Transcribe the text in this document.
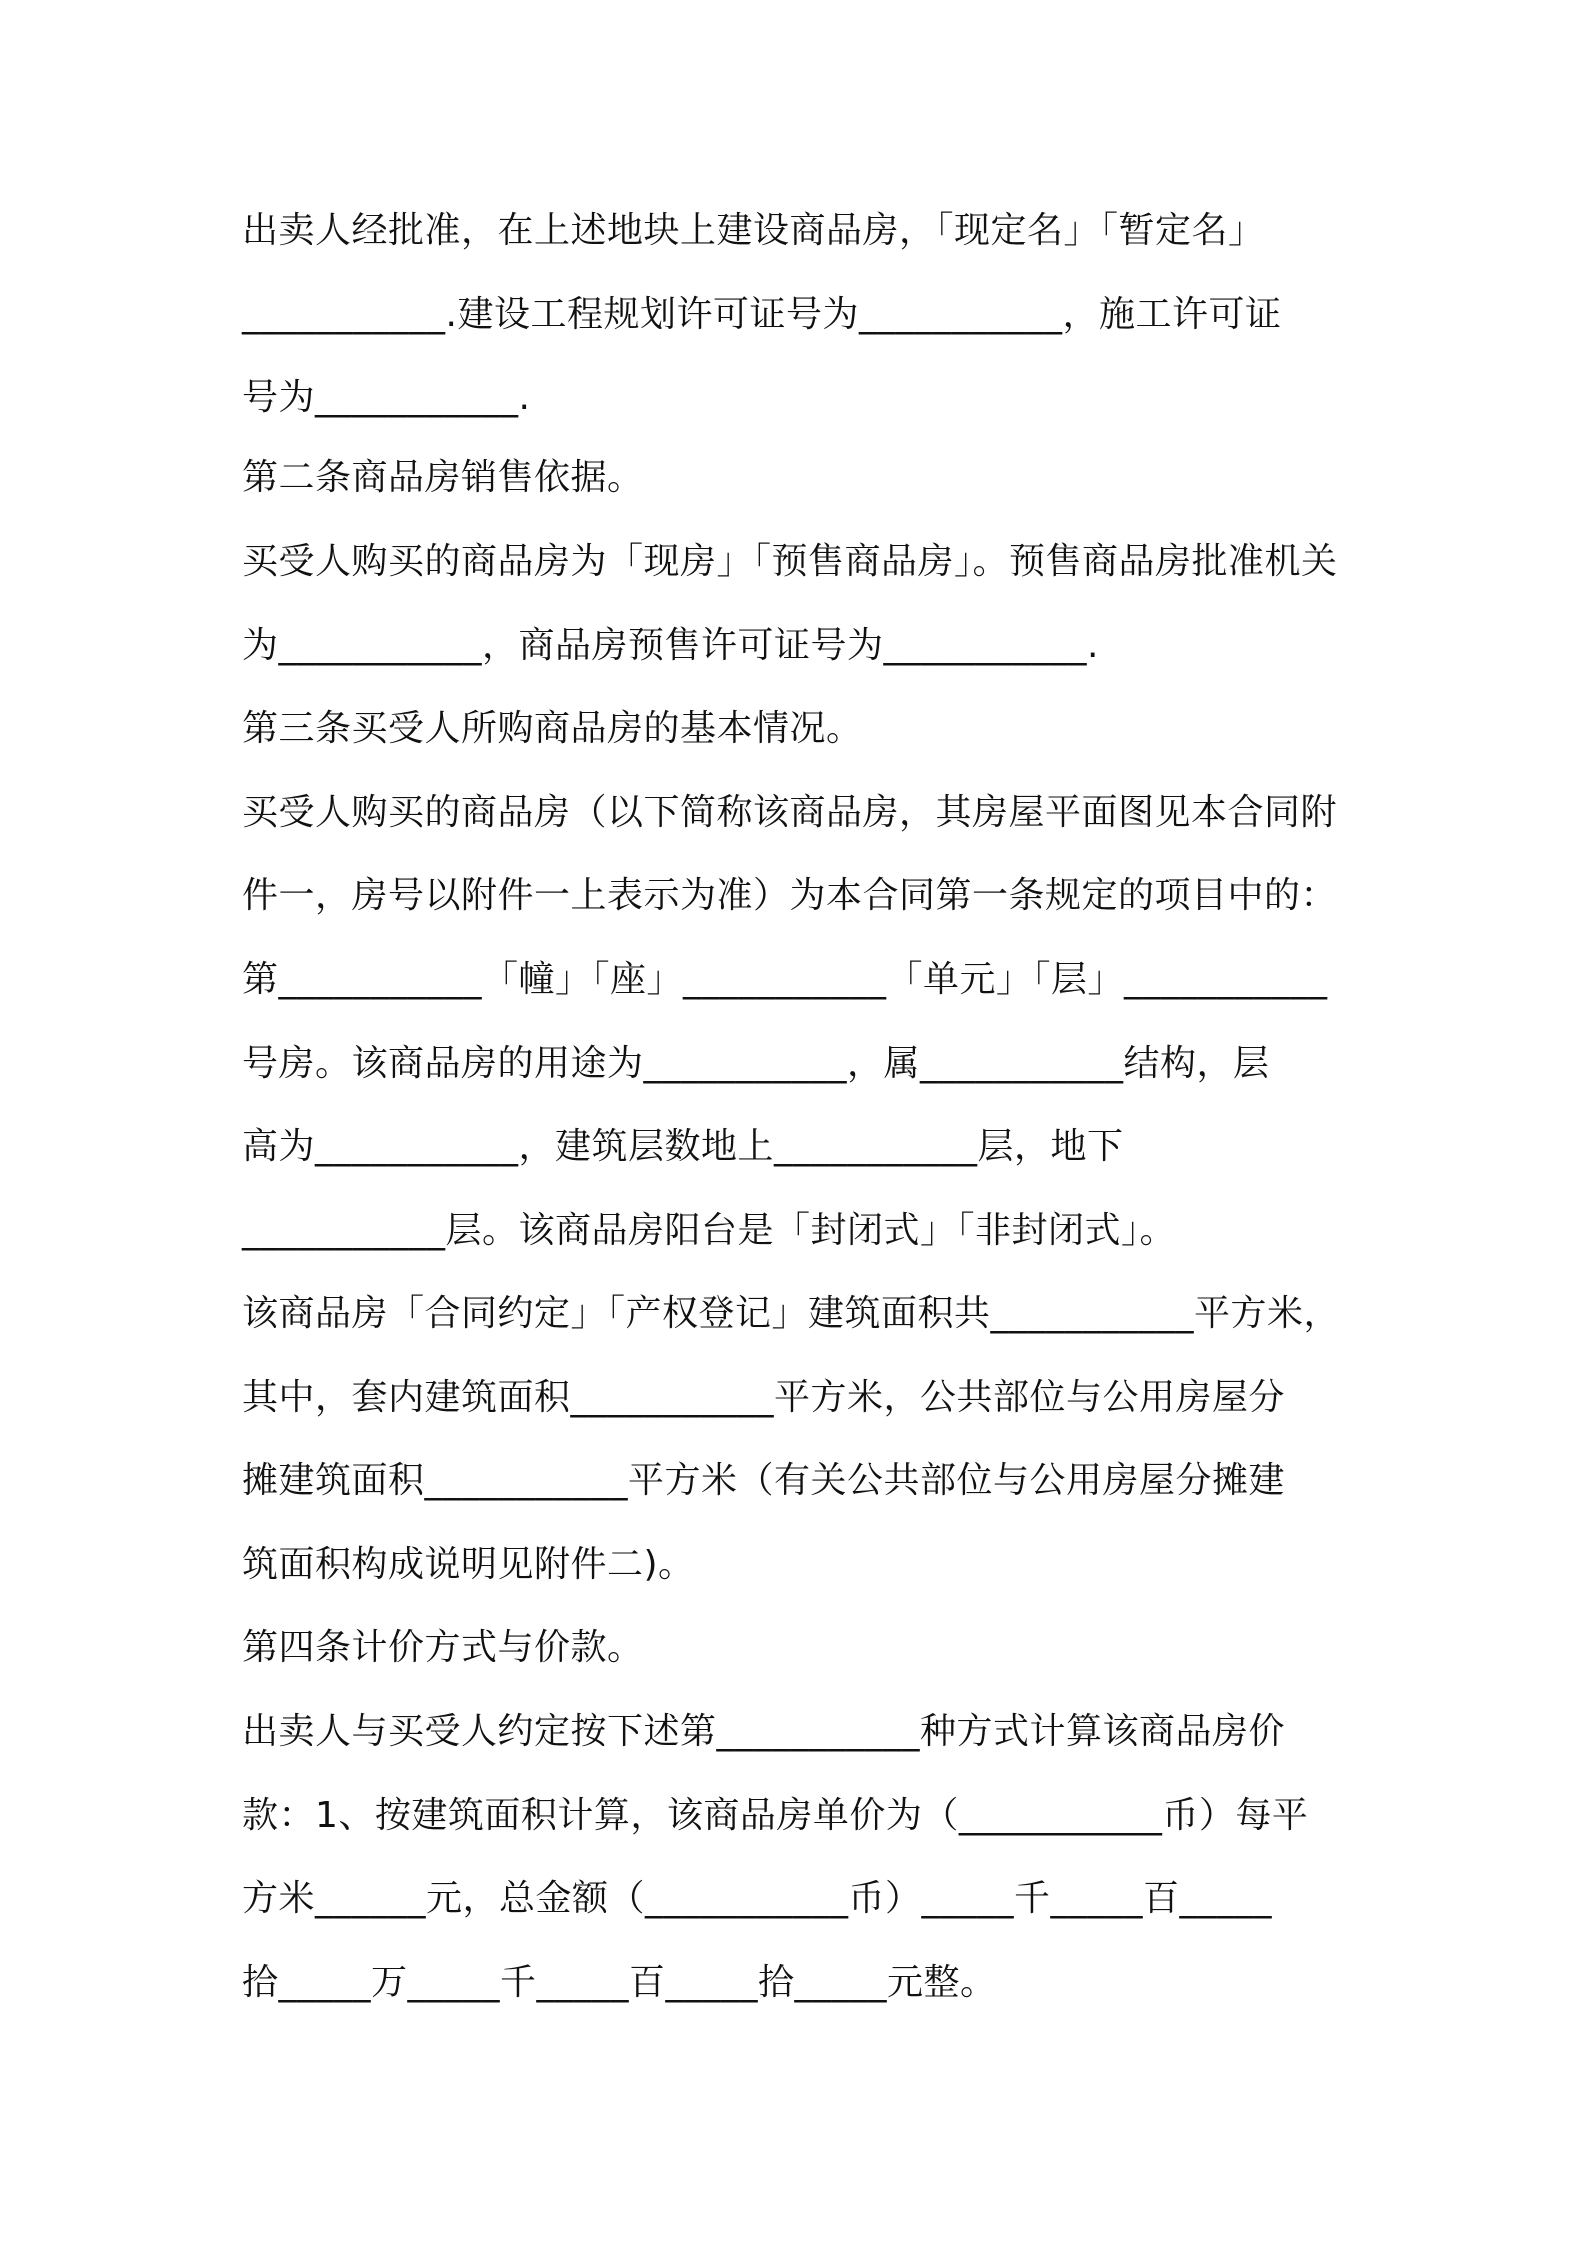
出卖人经批准，在上述地块上建设商品房，「现定名」「暂定名」
___________.建设工程规划许可证号为___________，施工许可证
号为___________.
第二条商品房销售依据。
买受人购买的商品房为「现房」「预售商品房」。预售商品房批准机关
为___________，商品房预售许可证号为___________.
第三条买受人所购商品房的基本情况。
买受人购买的商品房（以下简称该商品房，其房屋平面图见本合同附
件一，房号以附件一上表示为准）为本合同第一条规定的项目中的：
第___________「幢」「座」___________「单元」「层」___________
号房。该商品房的用途为___________，属___________结构，层
高为___________，建筑层数地上___________层，地下
___________层。该商品房阳台是「封闭式」「非封闭式」。
该商品房「合同约定」「产权登记」建筑面积共___________平方米，
其中，套内建筑面积___________平方米，公共部位与公用房屋分
摊建筑面积___________平方米（有关公共部位与公用房屋分摊建
筑面积构成说明见附件二)。
第四条计价方式与价款。
出卖人与买受人约定按下述第___________种方式计算该商品房价
款：1、按建筑面积计算，该商品房单价为（___________币）每平
方米______元，总金额（___________币）_____千_____百_____
拾_____万_____千_____百_____拾_____元整。
